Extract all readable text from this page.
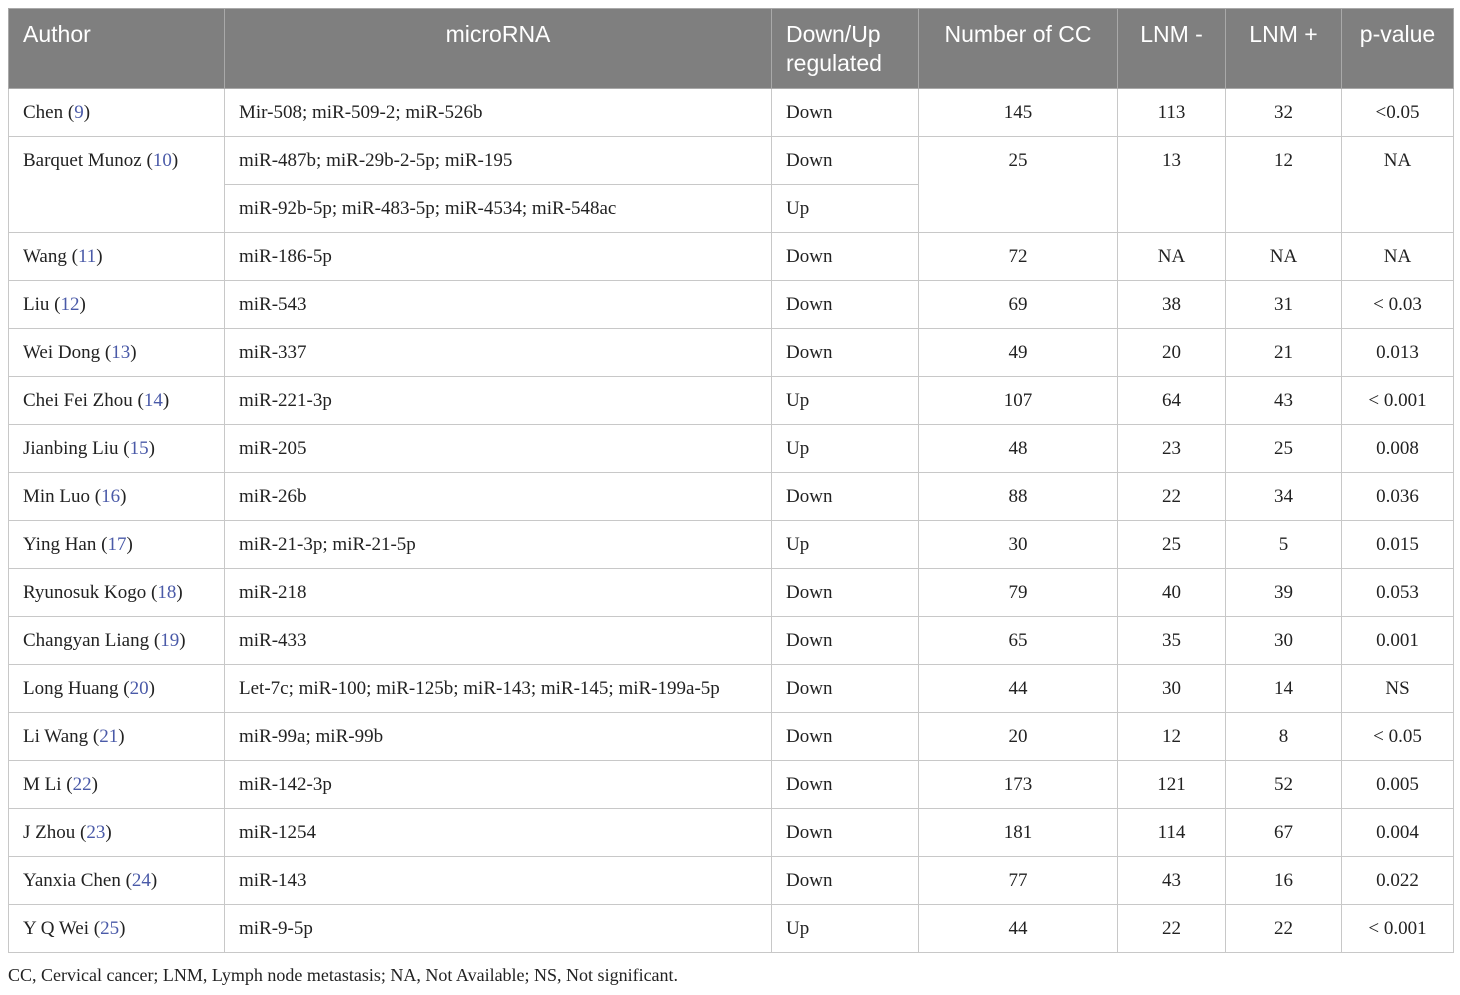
Author	microRNA	Down/Up regulated	Number of CC	LNM -	LNM +	p-value
Chen (9)	Mir-508; miR-509-2; miR-526b	Down	145	113	32	<0.05
Barquet Munoz (10)	miR-487b; miR-29b-2-5p; miR-195	Down	25	13	12	NA
	miR-92b-5p; miR-483-5p; miR-4534; miR-548ac	Up				
Wang (11)	miR-186-5p	Down	72	NA	NA	NA
Liu (12)	miR-543	Down	69	38	31	< 0.03
Wei Dong (13)	miR-337	Down	49	20	21	0.013
Chei Fei Zhou (14)	miR-221-3p	Up	107	64	43	< 0.001
Jianbing Liu (15)	miR-205	Up	48	23	25	0.008
Min Luo (16)	miR-26b	Down	88	22	34	0.036
Ying Han (17)	miR-21-3p; miR-21-5p	Up	30	25	5	0.015
Ryunosuk Kogo (18)	miR-218	Down	79	40	39	0.053
Changyan Liang (19)	miR-433	Down	65	35	30	0.001
Long Huang (20)	Let-7c; miR-100; miR-125b; miR-143; miR-145; miR-199a-5p	Down	44	30	14	NS
Li Wang (21)	miR-99a; miR-99b	Down	20	12	8	< 0.05
M Li (22)	miR-142-3p	Down	173	121	52	0.005
J Zhou (23)	miR-1254	Down	181	114	67	0.004
Yanxia Chen (24)	miR-143	Down	77	43	16	0.022
Y Q Wei (25)	miR-9-5p	Up	44	22	22	< 0.001
CC, Cervical cancer; LNM, Lymph node metastasis; NA, Not Available; NS, Not significant.
